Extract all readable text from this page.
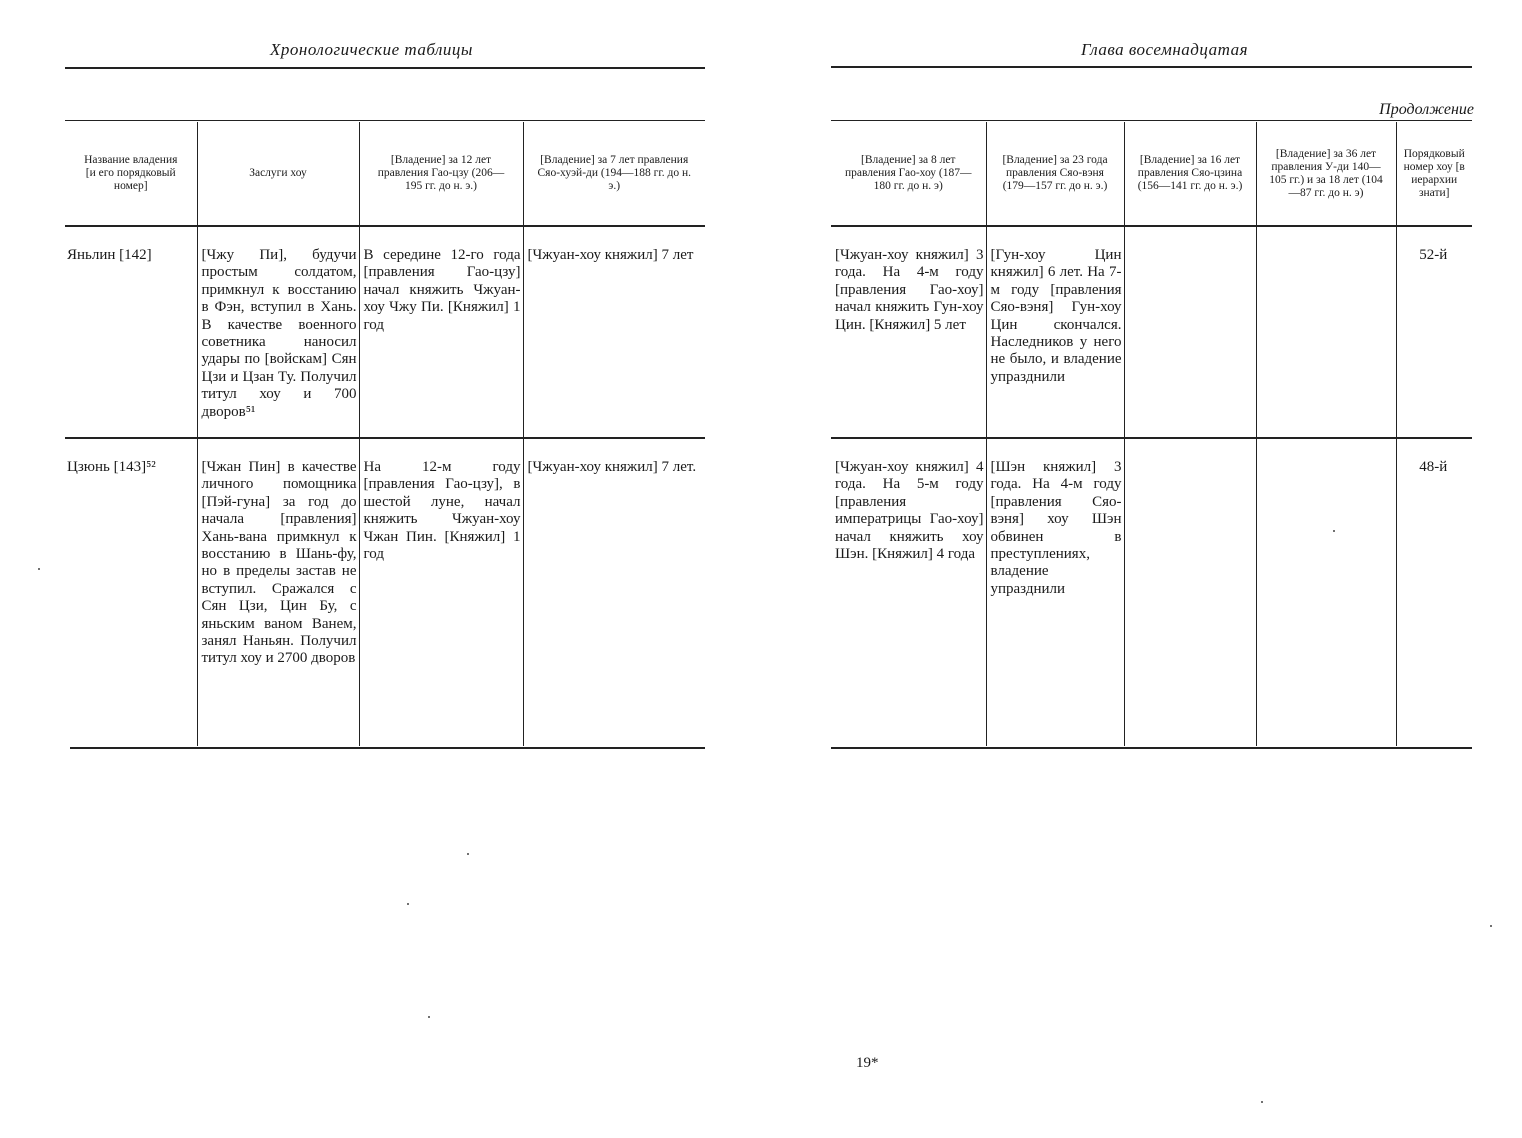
Хронологические таблицы
Название владения [и его порядковый номер]	Заслуги хоу	[Владение] за 12 лет правления Гао-цзу (206—195 гг. до н. э.)	[Владение] за 7 лет правления Сяо-хуэй-ди (194—188 гг. до н. э.)
Яньлин [142]	[Чжу Пи], будучи простым солдатом, примкнул к восстанию в Фэн, вступил в Хань. В качестве военного советника наносил удары по [войскам] Сян Цзи и Цзан Ту. Получил титул хоу и 700 дворов⁵¹	В середине 12-го года [правления Гао-цзу] начал княжить Чжуан-хоу Чжу Пи. [Княжил] 1 год	[Чжуан-хоу княжил] 7 лет
Цзюнь [143]⁵²	[Чжан Пин] в качестве личного помощника [Пэй-гуна] за год до начала [правления] Хань-вана примкнул к восстанию в Шань-фу, но в пределы застав не вступил. Сражался с Сян Цзи, Цин Бу, с яньским ваном Ванем, занял Наньян. Получил титул хоу и 2700 дворов	На 12-м году [правления Гао-цзу], в шестой луне, начал княжить Чжуан-хоу Чжан Пин. [Княжил] 1 год	[Чжуан-хоу княжил] 7 лет.
Глава восемнадцатая
Продолжение
[Владение] за 8 лет правления Гао-хоу (187—180 гг. до н. э)	[Владение] за 23 года правления Сяо-вэня (179—157 гг. до н. э.)	[Владение] за 16 лет правления Сяо-цзина (156—141 гг. до н. э.)	[Владение] за 36 лет правления У-ди 140—105 гг.) и за 18 лет (104—87 гг. до н. э)	Порядковый номер хоу [в иерархии знати]
[Чжуан-хоу княжил] 3 года. На 4-м году [правления Гао-хоу] начал княжить Гун-хоу Цин. [Княжил] 5 лет	[Гун-хоу Цин княжил] 6 лет. На 7-м году [правления Сяо-вэня] Гун-хоу Цин скончался. Наследников у него не было, и владение упразднили			52-й
[Чжуан-хоу княжил] 4 года. На 5-м году [правления императрицы Гао-хоу] начал княжить хоу Шэн. [Княжил] 4 года	[Шэн княжил] 3 года. На 4-м году [правления Сяо-вэня] хоу Шэн обвинен в преступлениях, владение упразднили			48-й
19*
